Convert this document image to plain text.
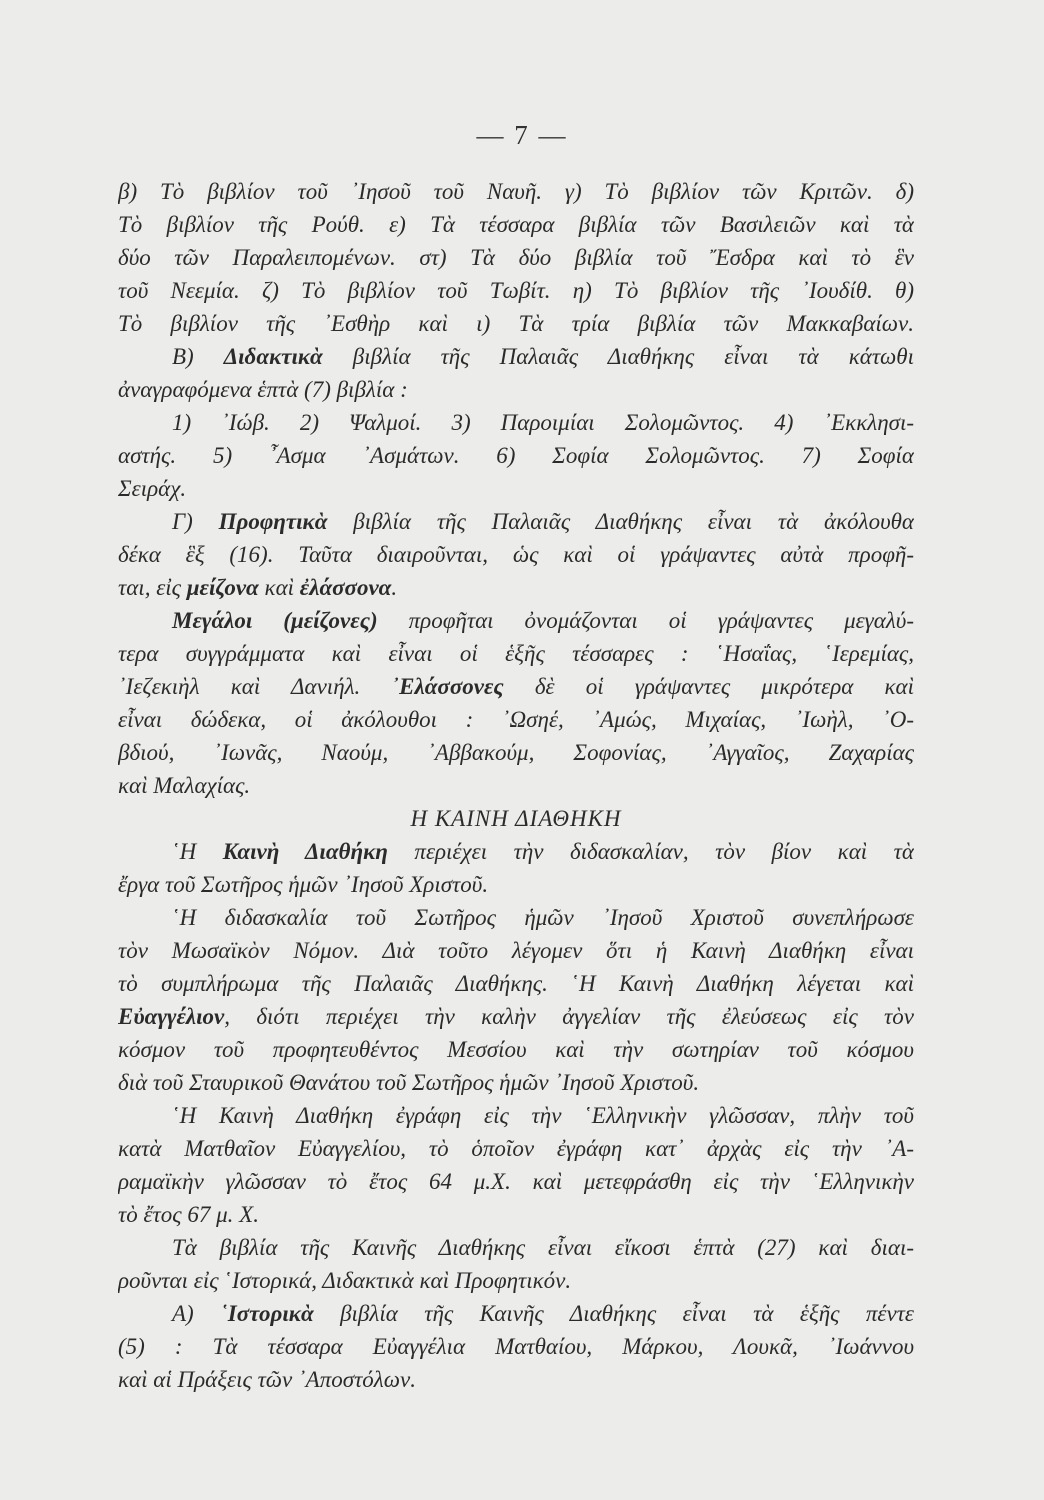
— 7 —
β) Τὸ βιβλίον τοῦ ᾿Ιησοῦ τοῦ Ναυῆ. γ) Τὸ βιβλίον τῶν Κριτῶν. δ)
Τὸ βιβλίον τῆς Ρούθ. ε) Τὰ τέσσαρα βιβλία τῶν Βασιλειῶν καὶ τὰ
δύο τῶν Παραλειπομένων. στ) Τὰ δύο βιβλία τοῦ Ἔσδρα καὶ τὸ ἓν
τοῦ Νεεμία. ζ) Τὸ βιβλίον τοῦ Τωβίτ. η) Τὸ βιβλίον τῆς ᾿Ιουδίθ. θ)
Τὸ βιβλίον τῆς ᾿Εσθὴρ καὶ ι) Τὰ τρία βιβλία τῶν Μακκαβαίων.
Β) Διδακτικὰ βιβλία τῆς Παλαιᾶς Διαθήκης εἶναι τὰ κάτωθι
ἀναγραφόμενα ἑπτὰ (7) βιβλία :
1) ᾿Ιώβ. 2) Ψαλμοί. 3) Παροιμίαι Σολομῶντος. 4) ᾿Εκκλησι-
αστής. 5) ῏Ασμα ᾿Ασμάτων. 6) Σοφία Σολομῶντος. 7) Σοφία
Σειράχ.
Γ) Προφητικὰ βιβλία τῆς Παλαιᾶς Διαθήκης εἶναι τὰ ἀκόλουθα
δέκα ἓξ (16). Ταῦτα διαιροῦνται, ὡς καὶ οἱ γράψαντες αὐτὰ προφῆ-
ται, εἰς μείζονα καὶ ἐλάσσονα.
Μεγάλοι (μείζονες) προφῆται ὀνομάζονται οἱ γράψαντες μεγαλύ-
τερα συγγράμματα καὶ εἶναι οἱ ἑξῆς τέσσαρες : ῾Ησαΐας, ῾Ιερεμίας,
᾿Ιεζεκιὴλ καὶ Δανιήλ. ᾿Ελάσσονες δὲ οἱ γράψαντες μικρότερα καὶ
εἶναι δώδεκα, οἱ ἀκόλουθοι : ᾿Ωσηέ, ᾿Αμώς, Μιχαίας, ᾿Ιωὴλ, ᾿Ο-
βδιού, ᾿Ιωνᾶς, Ναούμ, ᾿Αββακούμ, Σοφονίας, ᾿Αγγαῖος, Ζαχαρίας
καὶ Μαλαχίας.
Η ΚΑΙΝΗ ΔΙΑΘΗΚΗ
῾Η Καινὴ Διαθήκη περιέχει τὴν διδασκαλίαν, τὸν βίον καὶ τὰ
ἔργα τοῦ Σωτῆρος ἡμῶν ᾿Ιησοῦ Χριστοῦ.
῾Η διδασκαλία τοῦ Σωτῆρος ἡμῶν ᾿Ιησοῦ Χριστοῦ συνεπλήρωσε
τὸν Μωσαϊκὸν Νόμον. Διὰ τοῦτο λέγομεν ὅτι ἡ Καινὴ Διαθήκη εἶναι
τὸ συμπλήρωμα τῆς Παλαιᾶς Διαθήκης. ῾Η Καινὴ Διαθήκη λέγεται καὶ
Εὐαγγέλιον, διότι περιέχει τὴν καλὴν ἀγγελίαν τῆς ἐλεύσεως εἰς τὸν
κόσμον τοῦ προφητευθέντος Μεσσίου καὶ τὴν σωτηρίαν τοῦ κόσμου
διὰ τοῦ Σταυρικοῦ Θανάτου τοῦ Σωτῆρος ἡμῶν ᾿Ιησοῦ Χριστοῦ.
῾Η Καινὴ Διαθήκη ἐγράφη εἰς τὴν ῾Ελληνικὴν γλῶσσαν, πλὴν τοῦ
κατὰ Ματθαῖον Εὐαγγελίου, τὸ ὁποῖον ἐγράφη κατ᾿ ἀρχὰς εἰς τὴν ᾿Α-
ραμαϊκὴν γλῶσσαν τὸ ἔτος 64 μ.Χ. καὶ μετεφράσθη εἰς τὴν ῾Ελληνικὴν
τὸ ἔτος 67 μ. Χ.
Τὰ βιβλία τῆς Καινῆς Διαθήκης εἶναι εἴκοσι ἑπτὰ (27) καὶ διαι-
ροῦνται εἰς ῾Ιστορικά, Διδακτικὰ καὶ Προφητικόν.
Α) ῾Ιστορικὰ βιβλία τῆς Καινῆς Διαθήκης εἶναι τὰ ἑξῆς πέντε
(5) : Τὰ τέσσαρα Εὐαγγέλια Ματθαίου, Μάρκου, Λουκᾶ, ᾿Ιωάννου
καὶ αἱ Πράξεις τῶν ᾿Αποστόλων.
